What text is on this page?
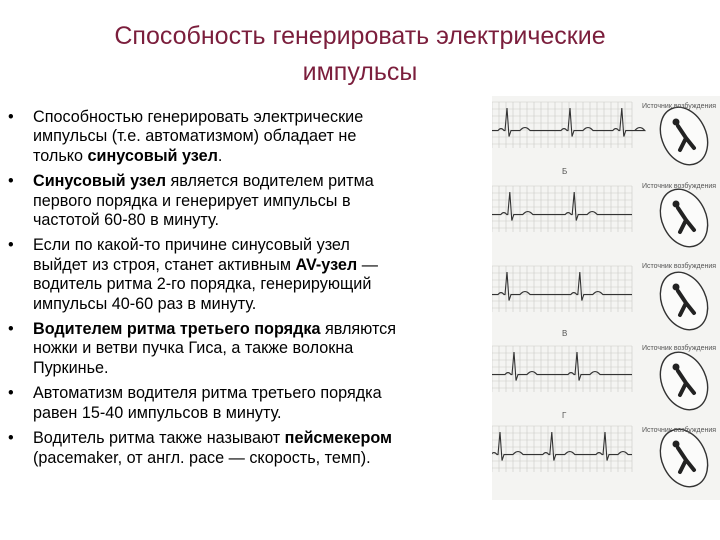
Способность генерировать электрические
импульсы
• Способностью генерировать электрические
импульсы (т.е. автоматизмом) обладает не
только синусовый узел.
• Синусовый узел является водителем ритма
первого порядка и генерирует импульсы в
частотой 60-80 в минуту.
• Если по какой-то причине синусовый узел
выйдет из строя, станет активным AV-узел —
водитель ритма 2-го порядка, генерирующий
импульсы 40-60 раз в минуту.
• Водителем ритма третьего порядка являются
ножки и ветви пучка Гиса, а также волокна
Пуркинье.
• Автоматизм водителя ритма третьего порядка
равен 15-40 импульсов в минуту.
• Водитель ритма также называют пейсмекером
(pacemaker, от англ. pace — скорость, темп).
Источник возбуждения
Источник возбуждения
Источник возбуждения
Источник возбуждения
Источник возбуждения
Б
В
Г
